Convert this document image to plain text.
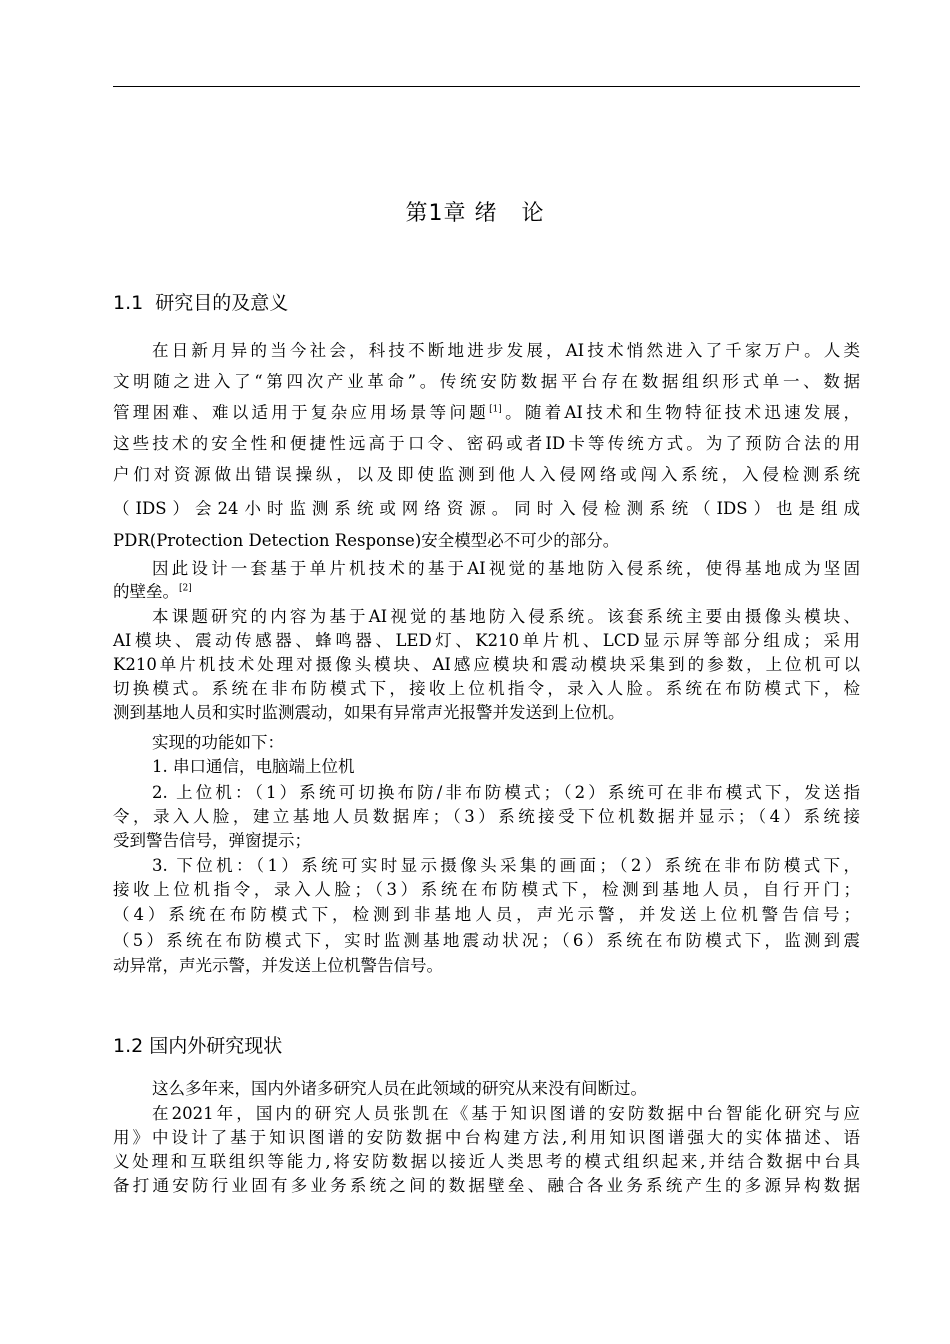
第1章 绪   论
1.1  研究目的及意义
在日新月异的当今社会，科技不断地进步发展，AI技术悄然进入了千家万户。人类
文明随之进入了“第四次产业革命”。传统安防数据平台存在数据组织形式单一、数据
管理困难、难以适用于复杂应用场景等问题[1]。随着AI技术和生物特征技术迅速发展，
这些技术的安全性和便捷性远高于口令、密码或者ID卡等传统方式。为了预防合法的用
户们对资源做出错误操纵，以及即使监测到他人入侵网络或闯入系统，入侵检测系统
（IDS）会24小时监测系统或网络资源。同时入侵检测系统（IDS）也是组成
PDR(Protection Detection Response)安全模型必不可少的部分。
因此设计一套基于单片机技术的基于AI视觉的基地防入侵系统，使得基地成为坚固
的壁垒。[2]
本课题研究的内容为基于AI视觉的基地防入侵系统。该套系统主要由摄像头模块、
AI模块、震动传感器、蜂鸣器、LED灯、K210单片机、LCD显示屏等部分组成；采用
K210单片机技术处理对摄像头模块、AI感应模块和震动模块采集到的参数，上位机可以
切换模式。系统在非布防模式下，接收上位机指令，录入人脸。系统在布防模式下，检
测到基地人员和实时监测震动，如果有异常声光报警并发送到上位机。
实现的功能如下：
1. 串口通信，电脑端上位机
2. 上位机：（1）系统可切换布防/非布防模式；（2）系统可在非布模式下，发送指
令，录入人脸，建立基地人员数据库；（3）系统接受下位机数据并显示；（4）系统接
受到警告信号，弹窗提示；
3. 下位机：（1）系统可实时显示摄像头采集的画面；（2）系统在非布防模式下，
接收上位机指令，录入人脸；（3）系统在布防模式下，检测到基地人员，自行开门；
（4）系统在布防模式下，检测到非基地人员，声光示警，并发送上位机警告信号；
（5）系统在布防模式下，实时监测基地震动状况；（6）系统在布防模式下，监测到震
动异常，声光示警，并发送上位机警告信号。
1.2 国内外研究现状
这么多年来，国内外诸多研究人员在此领域的研究从来没有间断过。
在2021年，国内的研究人员张凯在《基于知识图谱的安防数据中台智能化研究与应
用》中设计了基于知识图谱的安防数据中台构建方法,利用知识图谱强大的实体描述、语
义处理和互联组织等能力,将安防数据以接近人类思考的模式组织起来,并结合数据中台具
备打通安防行业固有多业务系统之间的数据壁垒、融合各业务系统产生的多源异构数据
